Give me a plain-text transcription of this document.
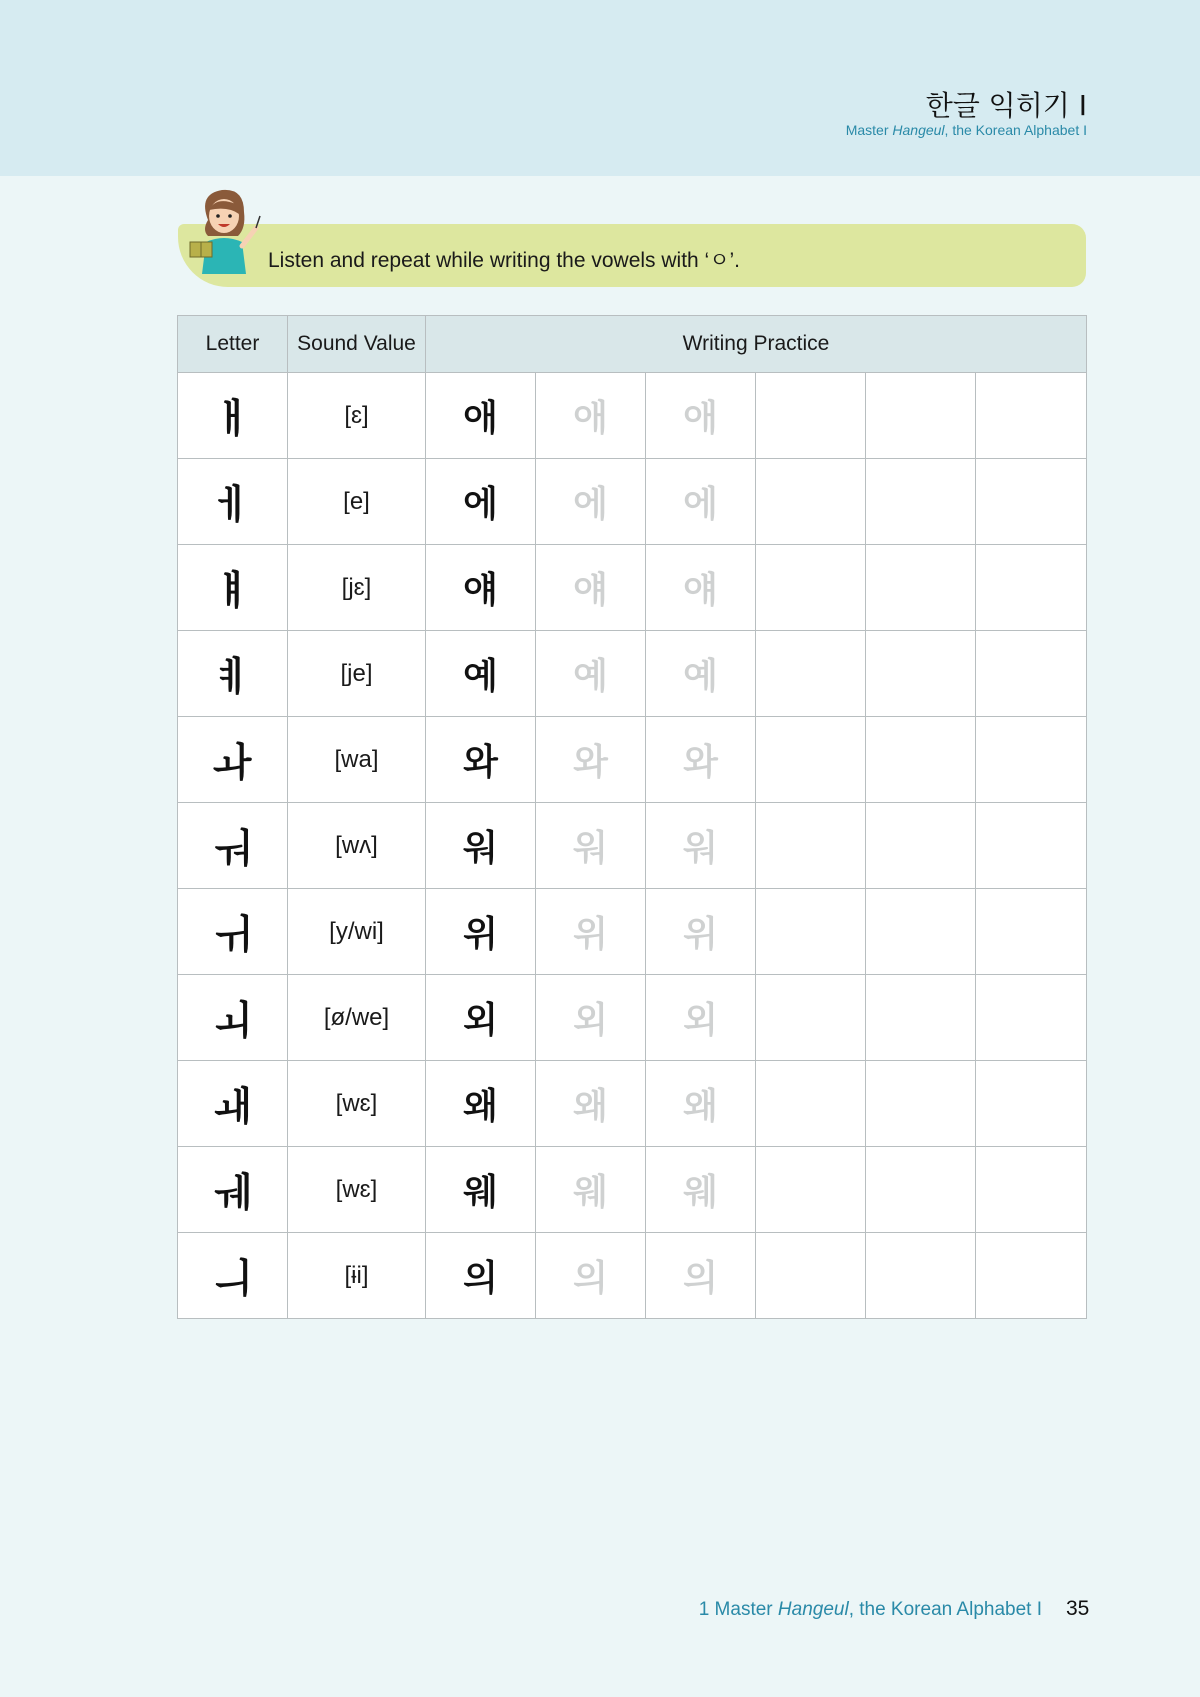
한글 익히기 I
Master Hangeul, the Korean Alphabet I
Listen and repeat while writing the vowels with ‘ㅇ’.
Letter	Sound Value	Writing Practice					
ㅐ	[ɛ]	애	애	애			
ㅔ	[e]	에	에	에			
ㅒ	[jɛ]	얘	얘	얘			
ㅖ	[je]	예	예	예			
ㅘ	[wa]	와	와	와			
ㅝ	[wʌ]	워	워	워			
ㅟ	[y/wi]	위	위	위			
ㅚ	[ø/we]	외	외	외			
ㅙ	[wɛ]	왜	왜	왜			
ㅞ	[wɛ]	웨	웨	웨			
ㅢ	[ɨi]	의	의	의			
1 Master Hangeul, the Korean Alphabet I 35
